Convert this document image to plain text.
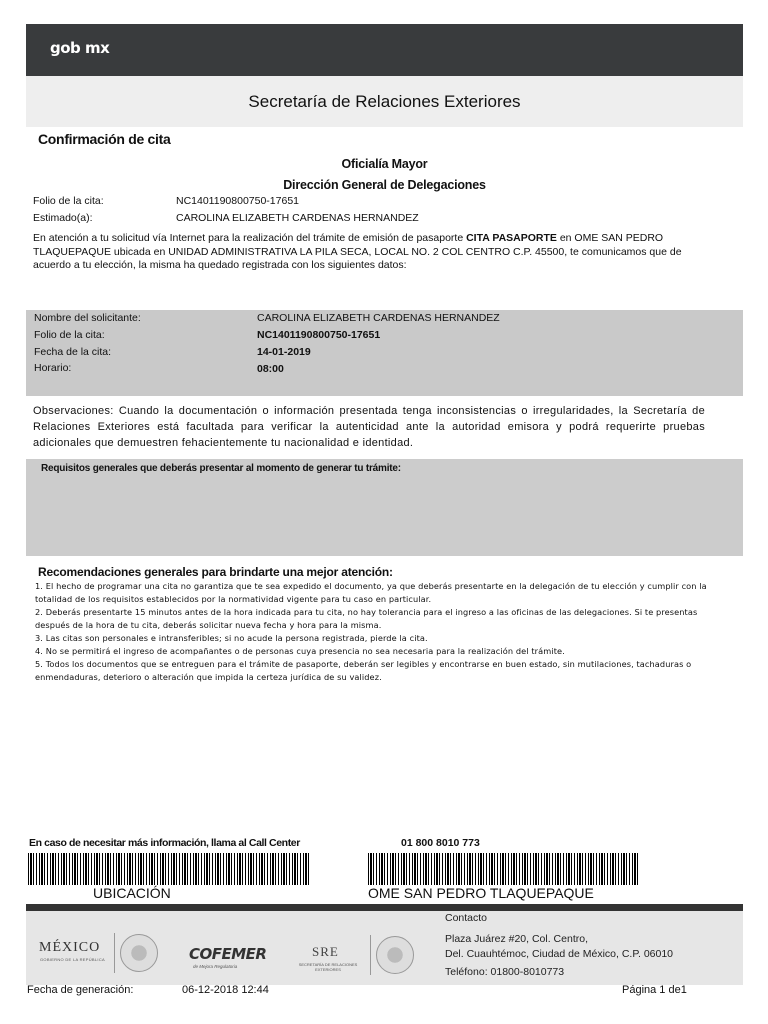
gob mx
Secretaría de Relaciones Exteriores
Confirmación de cita
Oficialía Mayor
Dirección General de Delegaciones
Folio de la cita:	NC1401190800750-17651
Estimado(a):	CAROLINA ELIZABETH CARDENAS HERNANDEZ
En atención a tu solicitud vía Internet para la realización del trámite de emisión de pasaporte CITA PASAPORTE en OME SAN PEDRO TLAQUEPAQUE ubicada en UNIDAD ADMINISTRATIVA LA PILA SECA, LOCAL NO. 2 COL CENTRO C.P. 45500, te comunicamos que de acuerdo a tu elección, la misma ha quedado registrada con los siguientes datos:
Nombre del solicitante:	CAROLINA ELIZABETH CARDENAS HERNANDEZ
Folio de la cita:	NC1401190800750-17651
Fecha de la cita:	14-01-2019
Horario:	08:00
Observaciones: Cuando la documentación o información presentada tenga inconsistencias o irregularidades, la Secretaría de Relaciones Exteriores está facultada para verificar la autenticidad ante la autoridad emisora y podrá requerirte pruebas adicionales que demuestren fehacientemente tu nacionalidad e identidad.
Requisitos generales que deberás presentar al momento de generar tu trámite:
Recomendaciones generales para brindarte una mejor atención:
1. El hecho de programar una cita no garantiza que te sea expedido el documento, ya que deberás presentarte en la delegación de tu elección y cumplir con la totalidad de los requisitos establecidos por la normatividad vigente para tu caso en particular.
2. Deberás presentarte 15 minutos antes de la hora indicada para tu cita, no hay tolerancia para el ingreso a las oficinas de las delegaciones. Si te presentas después de la hora de tu cita, deberás solicitar nueva fecha y hora para la misma.
3. Las citas son personales e intransferibles; si no acude la persona registrada, pierde la cita.
4. No se permitirá el ingreso de acompañantes o de personas cuya presencia no sea necesaria para la realización del trámite.
5. Todos los documentos que se entreguen para el trámite de pasaporte, deberán ser legibles y encontrarse en buen estado, sin mutilaciones, tachaduras o enmendaduras, deterioro o alteración que impida la certeza jurídica de su validez.
En caso de necesitar más información, llama al Call Center	01 800 8010 773
UBICACIÓN	OME SAN PEDRO TLAQUEPAQUE
MÉXICO
GOBIERNO DE LA REPÚBLICA	COFEMER
de Mejora Regulatoria
SRE
SECRETARÍA DE RELACIONES EXTERIORES
Contacto
Plaza Juárez #20, Col. Centro,
Del. Cuauhtémoc, Ciudad de México, C.P. 06010
Teléfono: 01800-8010773
Fecha de generación:	06-12-2018 12:44	Página 1 de1
